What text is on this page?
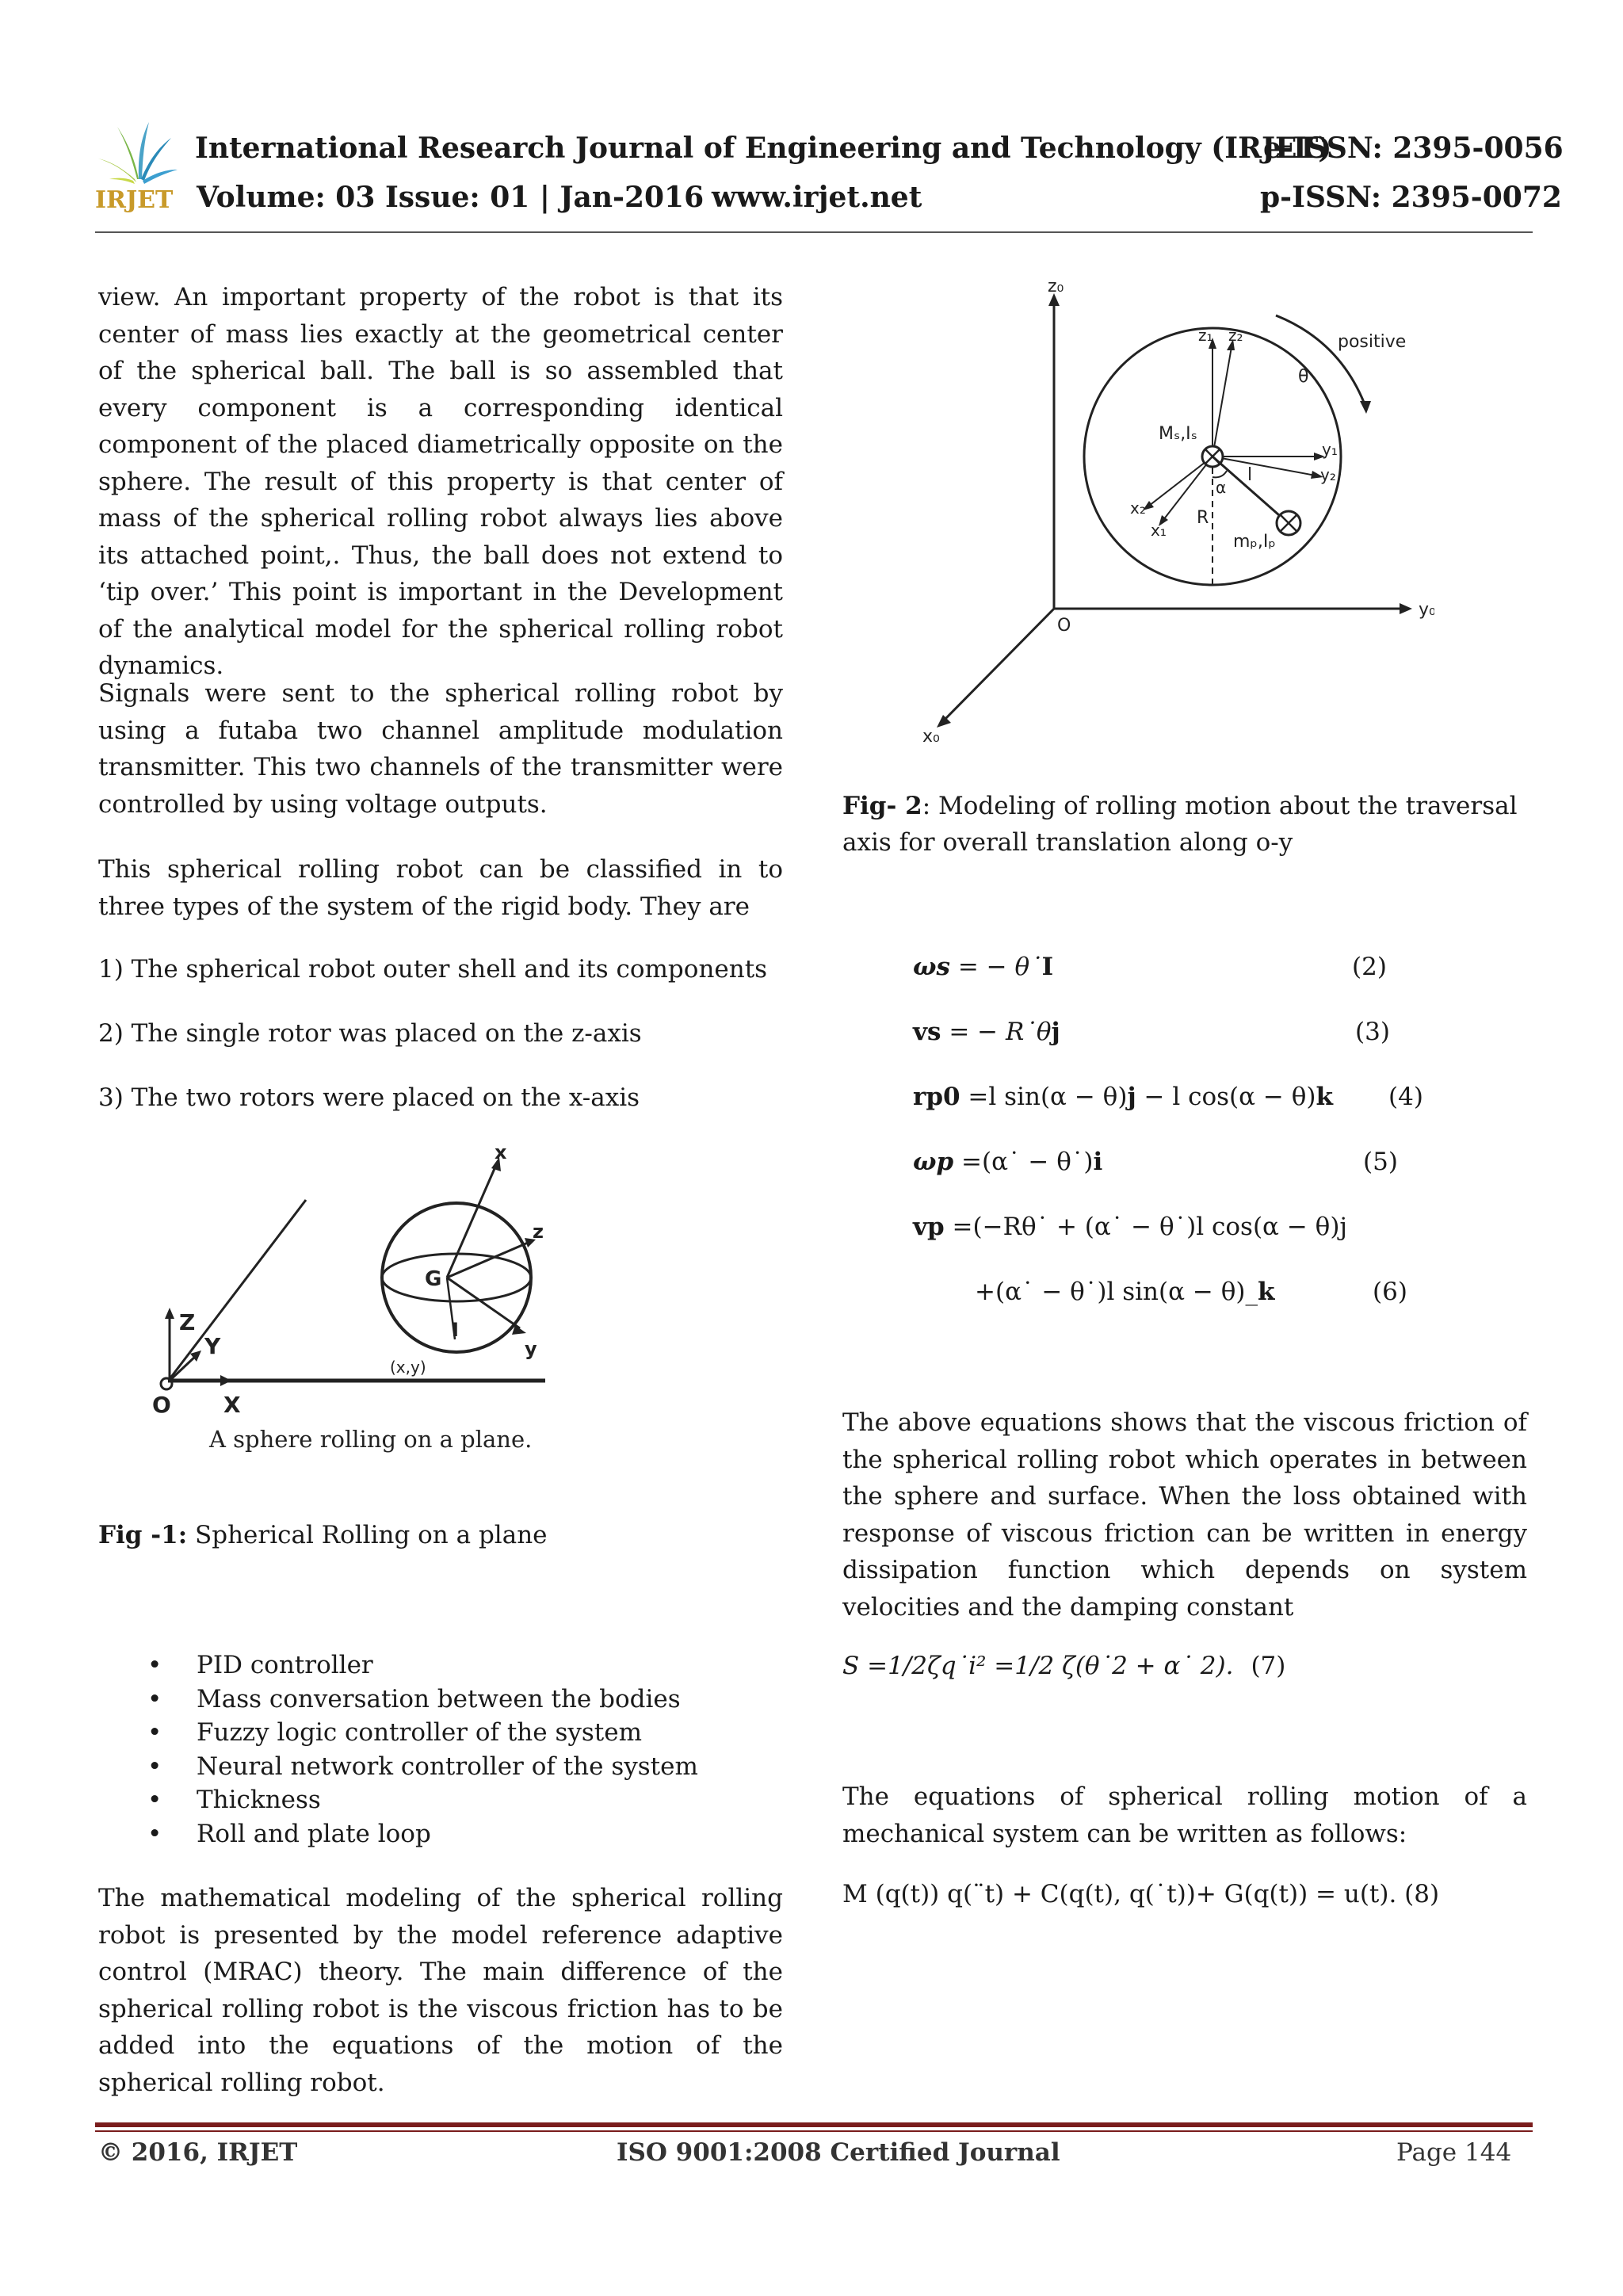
IRJET
International Research Journal of Engineering and Technology (IRJET)
e-ISSN: 2395-0056
Volume: 03 Issue: 01 | Jan-2016 www.irjet.net	p-ISSN: 2395-0072

view. An important property of the robot is that its center of mass lies exactly at the geometrical center of the spherical ball. The ball is so assembled that every component is a corresponding identical component of the placed diametrically opposite on the sphere. The result of this property is that center of mass of the spherical rolling robot always lies above its attached point,. Thus, the ball does not extend to ‘tip over.’ This point is important in the Development of the analytical model for the spherical rolling robot dynamics.

Signals were sent to the spherical rolling robot by using a futaba two channel amplitude modulation transmitter. This two channels of the transmitter were controlled by using voltage outputs.

This spherical rolling robot can be classified in to three types of the system of the rigid body. They are

1) The spherical robot outer shell and its components

2) The single rotor was placed on the z-axis

3) The two rotors were placed on the x-axis

Z
Y
O X
x
z
y
G
I
(x,y)
A sphere rolling on a plane.

Fig -1: Spherical Rolling on a plane

• PID controller
• Mass conversation between the bodies
• Fuzzy logic controller of the system
• Neural network controller of the system
• Thickness
• Roll and plate loop

The mathematical modeling of the spherical rolling robot is presented by the model reference adaptive control (MRAC) theory. The main difference of the spherical rolling robot is the viscous friction has to be added into the equations of the motion of the spherical rolling robot.

z₀
y₀
x₀
O
positive
θ
z₁ z₂
y₁
y₂
x₂
x₁
Mₛ,Iₛ
R
l
α
mₚ,Iₚ

Fig- 2: Modeling of rolling motion about the traversal axis for overall translation along o-y

ωs = − θ˙I	(2)
vs = − R˙θj	(3)
rp0 =l sin(α − θ)j − l cos(α − θ)k (4)
ωp =(α˙ − θ˙)i	(5)
vp =(−Rθ˙ + (α˙ − θ˙)l cos(α − θ)j
+(α˙ − θ˙)l sin(α − θ)_k	(6)

The above equations shows that the viscous friction of the spherical rolling robot which operates in between the sphere and surface. When the loss obtained with response of viscous friction can be written in energy dissipation function which depends on system velocities and the damping constant

S =1/2ζq˙i² =1/2 ζ(θ˙2 + α˙ 2). (7)

The equations of spherical rolling motion of a mechanical system can be written as follows:

M (q(t)) q(¨t) + C(q(t), q(˙t))+ G(q(t)) = u(t). (8)
© 2016, IRJET	ISO 9001:2008 Certified Journal	Page 144
